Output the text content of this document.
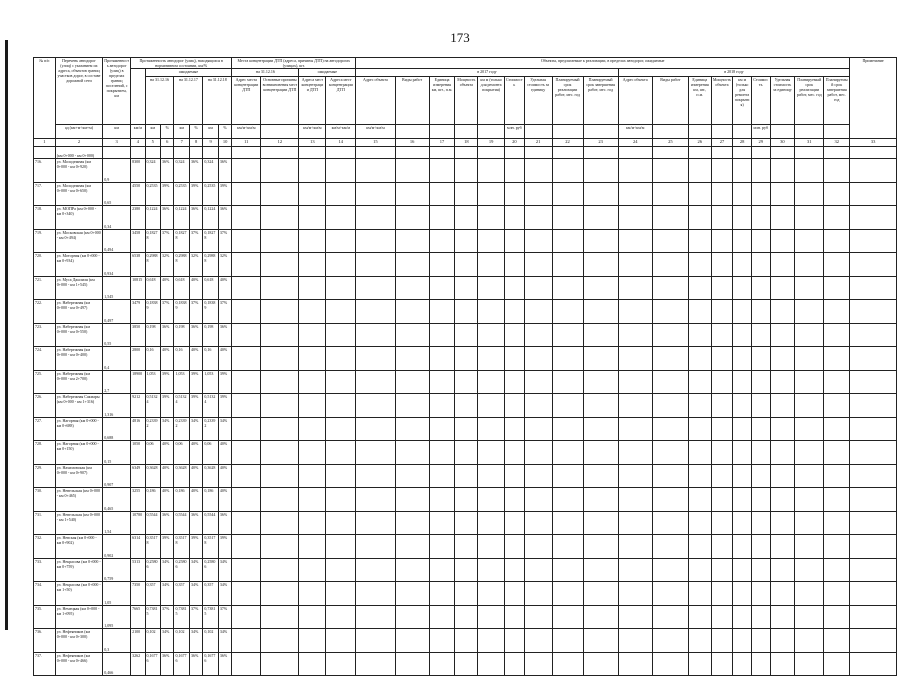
173
№ п/п	Перечень автодорог (улиц) с указанием их адреса, объектов границ участков дорог, в составе дорожной сети	Протяженность автодорог (улиц) в пределах границ поселений, с покрытием, км	Протяженность автодорог (улиц), находящихся в нормативном состоянии, км/%							Места концентрации ДТП (адреса, причины ДТП) на автодорогах (улицах), шт.				Объекты, предлагаемые к реализации, в пределах автодорог, ожидаемые																		Примечание
				ожидаемые						на 31.12.16		ожидаемые		в 2017 году									в 2018 году									
				на 31.12.16		на 31.12.17		на 31.12.18		Адрес места концентрации ДТП	Основные причины возникновения мест концентрации ДТП	Адреса мест концентрации ДТП	Адреса мест концентрации ДТП	Адрес объекта	Виды работ	Единица измерения км, шт., п.м.	Мощность объекта	км м (только для ремонта покрытия)	Стоимость	Удельная стоимость за единицу	Планируемый срок реализации работ, мес. год	Планируемый срок завершения работ, мес. год	Адрес объекта	Виды работ	Единица измерения км, шт., п.м.	Мощность объекта	км м (только для ремонта покрытия)	Стоимость	Удельная стоимость за единицу	Планируемый срок реализации работ, мес. год	Планируемый срок завершения работ, мес. год	
	ад (км+м÷км+м)	км	км/м	км	%	км	%	км	%	км/м÷км/м		км/м÷км/м	км/м÷км/м	км/м÷км/м					млн. руб				км/м÷км/м					млн. руб				
1	2	3	4	5	6	7	8	9	10	11	12	13	14	15	16	17	18	19	20	21	22	23	24	25	26	27	28	29	30	31	32	33
	(км 0+000 - км 0+000)																															
716.	ул. Молодежная (км 0+000 - км 0+920)	0,9	8300	0,324	36%	0,324	36%	0,324	36%																							
717.	ул. Молодежная (км 0+000 - км 0+650)	0,65	4550	0,2535	39%	0,2535	39%	0,2535	39%																							
718.	ул. МОПРа (км 0+000 - км 0+340)	0,34	2380	0,1224	36%	0,1224	36%	0,1224	36%																							
719.	ул. Московская (км 0+000 - км 0+494)	0,494	3458	0,1827 8	37%	0,1827 8	37%	0,1827 8	37%																							
720.	ул. Моторная (км 0+000 - км 0+934)	0,934	6538	0,2988 8	32%	0,2988 8	32%	0,2988 8	32%																							
721.	ул. Муса Джалиля (км 0+000 - км 1+545)	1,545	10815	0,618	40%	0,618	40%	0,618	40%																							
722.	ул. Набережная (км 0+000 - км 0+497)	0,497	3479	0,1838 9	37%	0,1838 9	37%	0,1838 9	37%																							
723.	ул. Набережная (км 0+000 - км 0+550)	0,55	3850	0,198	36%	0,198	36%	0,198	36%																							
724.	ул. Набережная (км 0+000 - км 0+400)	0,4	2800	0,16	40%	0,16	40%	0,16	40%																							
725.	ул. Набережная (км 0+000 - км 2+700)	2,7	18900	1,053	39%	1,053	39%	1,053	39%																							
726.	ул. Набережная Сакмары (км 0+000 - км 1+316)	1,316	9212	0,5132 4	39%	0,5132 4	39%	0,5132 4	39%																							
727.	ул. Нагорная (км 0+000 - км 0+688)	0,688	4816	0,2339 2	34%	0,2339 2	34%	0,2339 2	34%																							
728.	ул. Нагорная (км 0+000 - км 0+150)	0,15	1050	0,06	40%	0,06	40%	0,06	40%																							
729.	ул. Нахимовская (км 0+000 - км 0+907)	0,907	6349	0,3628	40%	0,3628	40%	0,3628	40%																							
730.	ул. Невельская (км 0+000 - км 0+465)	0,465	3255	0,186	40%	0,186	40%	0,186	40%																							
731.	ул. Невельская (км 0+000 - км 1+540)	1,54	10780	0,5544	36%	0,5544	36%	0,5544	36%																							
732.	ул. Невская (км 0+000 - км 0+902)	0,902	6314	0,3517 8	39%	0,3517 8	39%	0,3517 8	39%																							
733.	ул. Некрасова (км 0+000 - км 0+759)	0,759	5313	0,2580 6	34%	0,2580 6	34%	0,2580 6	34%																							
734.	ул. Некрасова (км 0+000 - км 1+50)	1,05	7350	0,357	34%	0,357	34%	0,357	34%																							
735.	ул. Немецкая (км 0+000 - км 1+095)	1,095	7665	0,7381 5	37%	0,7381 5	37%	0,7381 5	37%																							
736.	ул. Нефтяников (км 0+000 - км 0+300)	0,3	2100	0,102	34%	0,102	34%	0,102	34%																							
737.	ул. Нефтяников (км 0+000 - км 0+466)	0,466	3262	0,1677 6	36%	0,1677 6	36%	0,1677 6	36%																							
